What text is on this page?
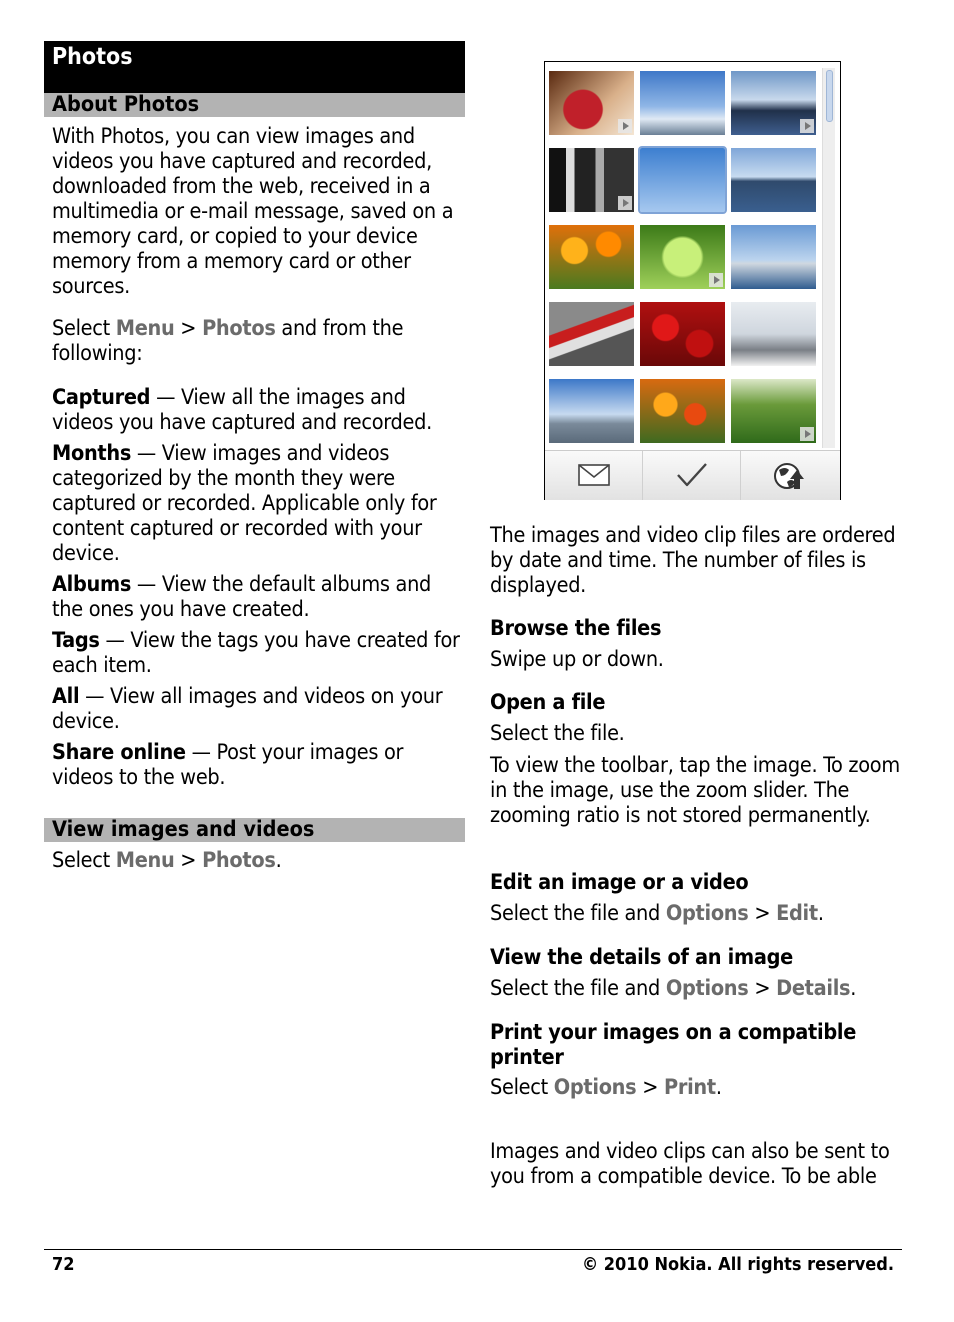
Photos
About Photos
With Photos, you can view images and videos you have captured and recorded, downloaded from the web, received in a multimedia or e-mail message, saved on a memory card, or copied to your device memory from a memory card or other sources.
Select Menu > Photos and from the following:
Captured — View all the images and videos you have captured and recorded.
Months — View images and videos categorized by the month they were captured or recorded. Applicable only for content captured or recorded with your device.
Albums — View the default albums and the ones you have created.
Tags — View the tags you have created for each item.
All — View all images and videos on your device.
Share online — Post your images or videos to the web.
View images and videos
Select Menu > Photos.
The images and video clip files are ordered by date and time. The number of files is displayed.
Browse the files
Swipe up or down.
Open a file
Select the file.
To view the toolbar, tap the image. To zoom in the image, use the zoom slider. The zooming ratio is not stored permanently.
Edit an image or a video
Select the file and Options > Edit.
View the details of an image
Select the file and Options > Details.
Print your images on a compatible printer
Select Options > Print.
Images and video clips can also be sent to you from a compatible device. To be able
72	© 2010 Nokia. All rights reserved.
